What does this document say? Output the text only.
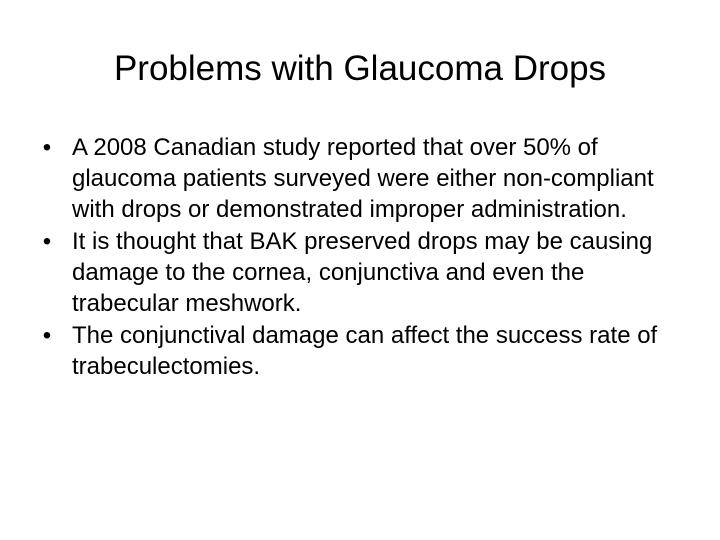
Problems with Glaucoma Drops
• A 2008 Canadian study reported that over 50% of glaucoma patients surveyed were either non-compliant with drops or demonstrated improper administration.
• It is thought that BAK preserved drops may be causing damage to the cornea, conjunctiva and even the trabecular meshwork.
• The conjunctival damage can affect the success rate of trabeculectomies.
